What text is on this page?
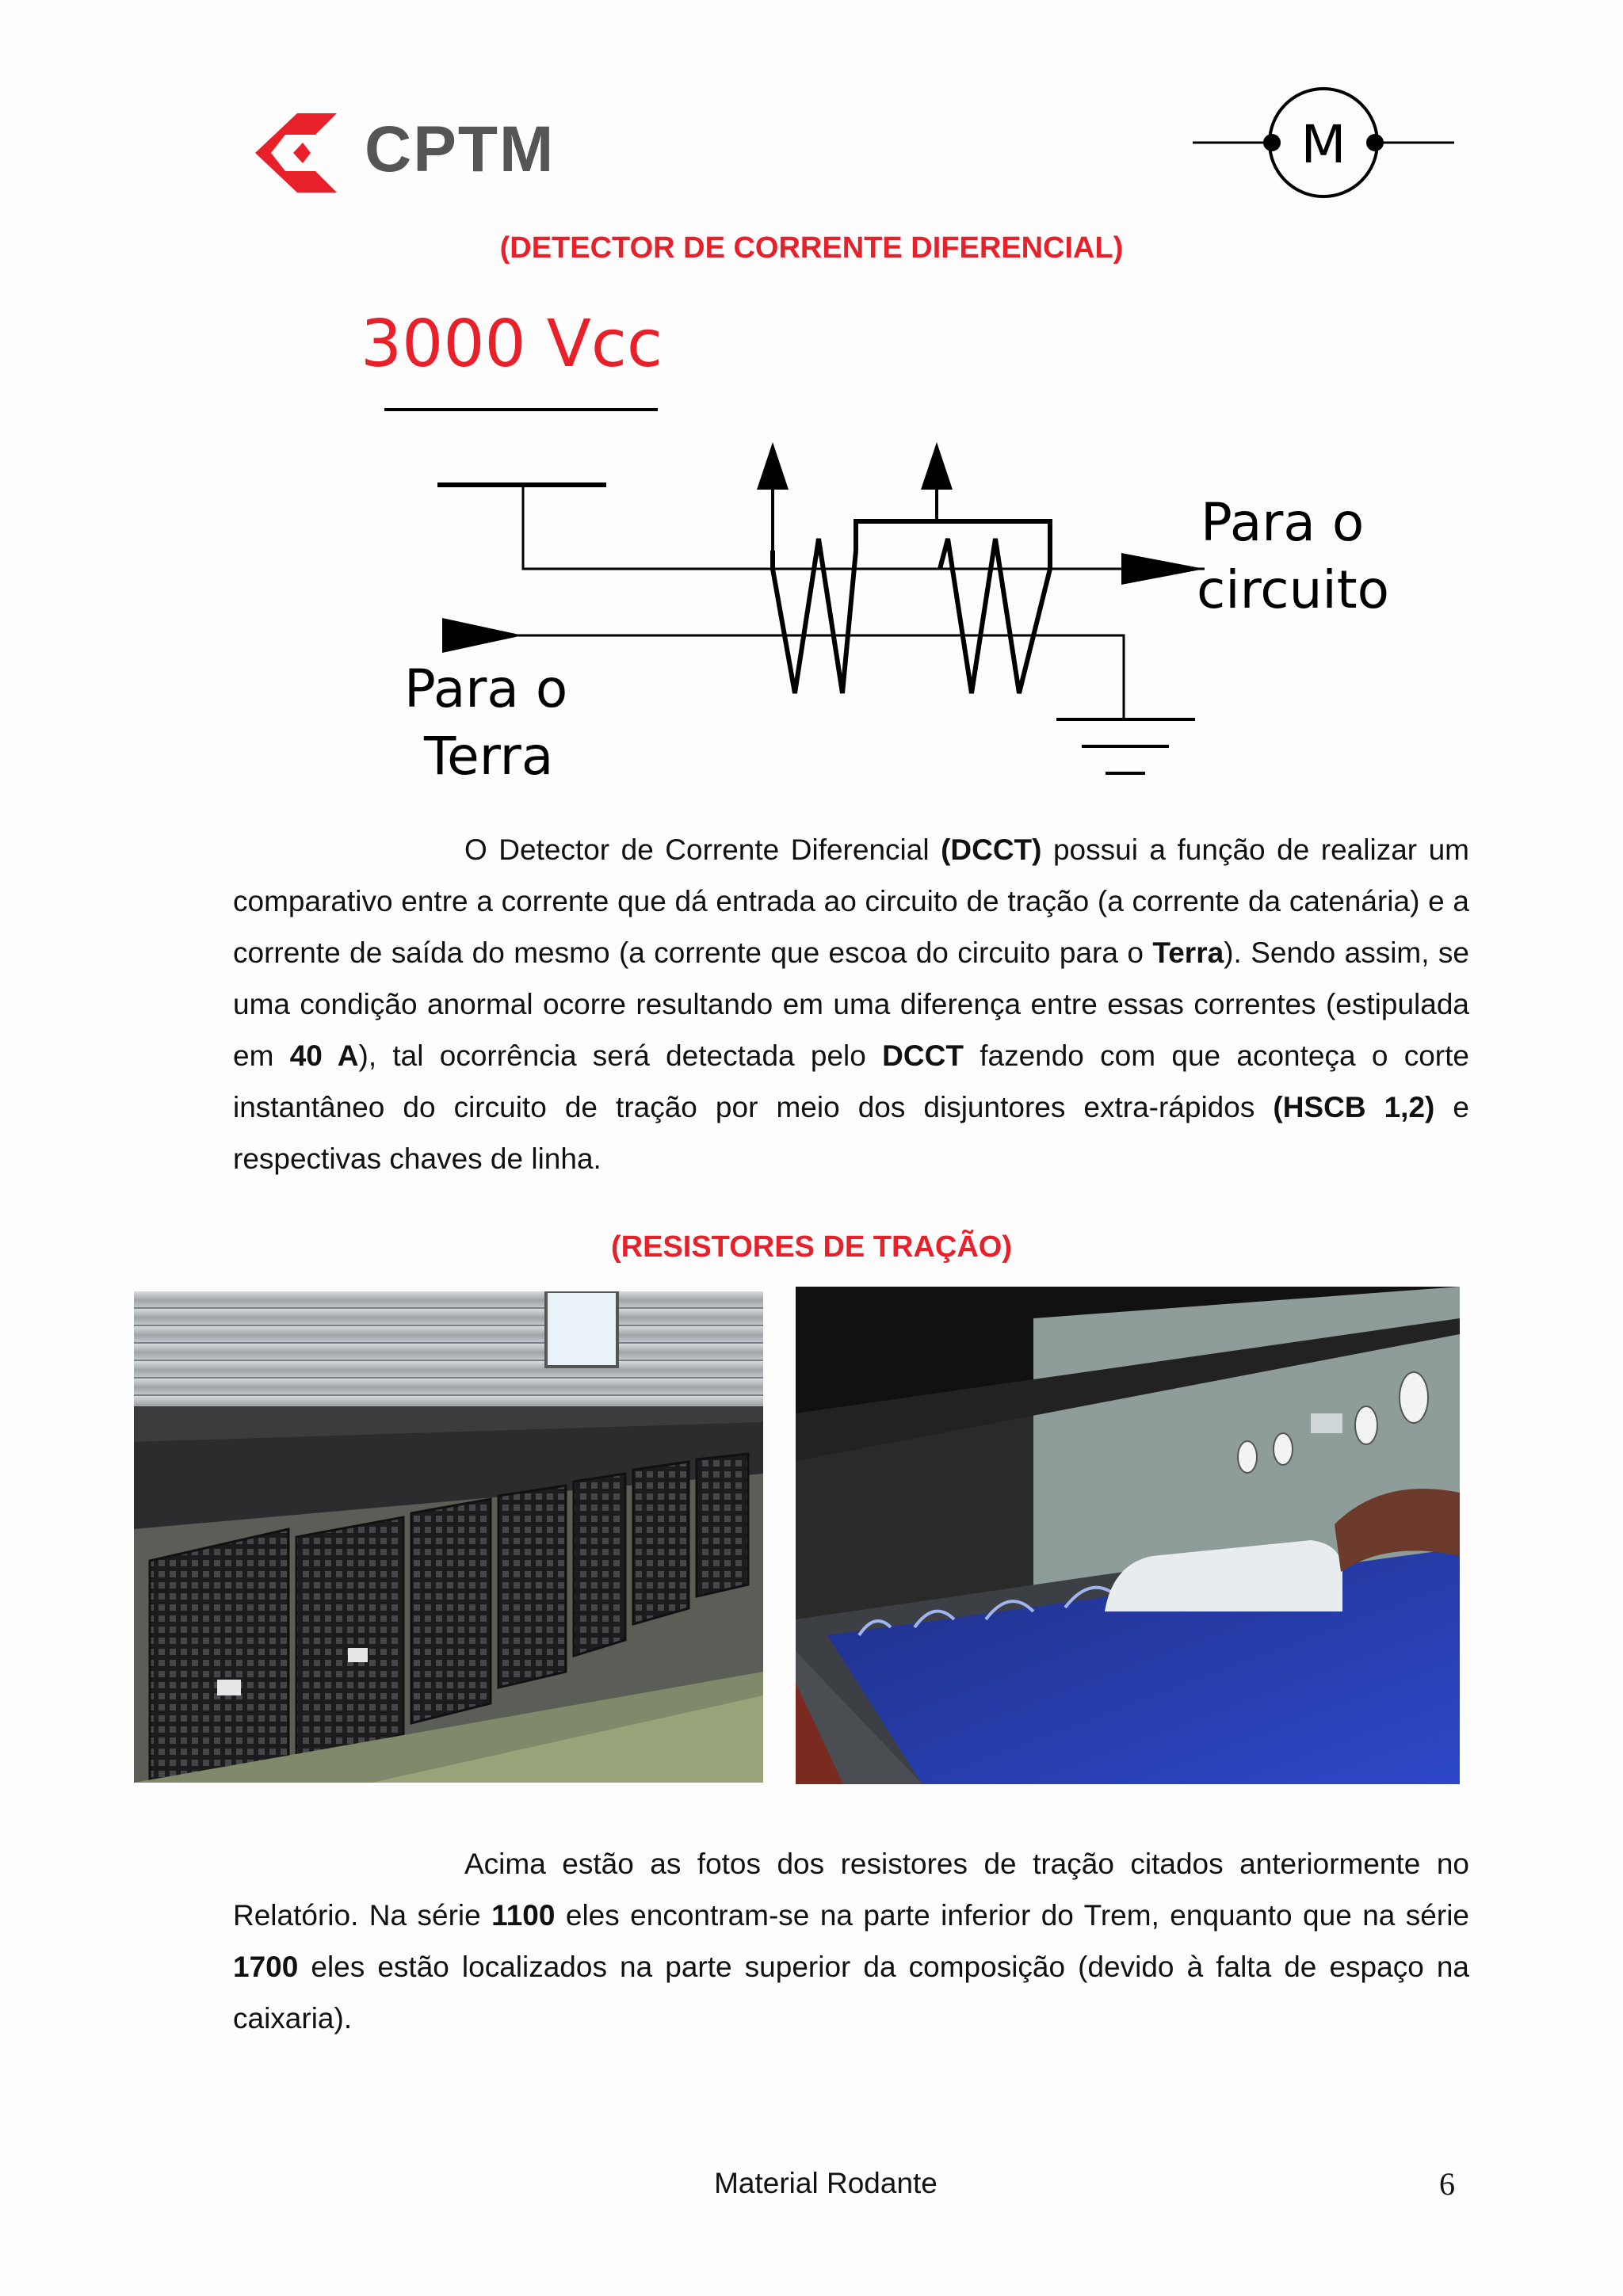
CPTM	M
(DETECTOR DE CORRENTE DIFERENCIAL)
3000 Vcc
Para o
circuito
Para o
Terra

O Detector de Corrente Diferencial (DCCT) possui a função de realizar um comparativo entre a corrente que dá entrada ao circuito de tração (a corrente da catenária) e a corrente de saída do mesmo (a corrente que escoa do circuito para o Terra). Sendo assim, se uma condição anormal ocorre resultando em uma diferença entre essas correntes (estipulada em 40 A), tal ocorrência será detectada pelo DCCT fazendo com que aconteça o corte instantâneo do circuito de tração por meio dos disjuntores extra-rápidos (HSCB 1,2) e respectivas chaves de linha.

(RESISTORES DE TRAÇÃO)

Acima estão as fotos dos resistores de tração citados anteriormente no Relatório. Na série 1100 eles encontram-se na parte inferior do Trem, enquanto que na série 1700 eles estão localizados na parte superior da composição (devido à falta de espaço na caixaria).

Material Rodante	6
